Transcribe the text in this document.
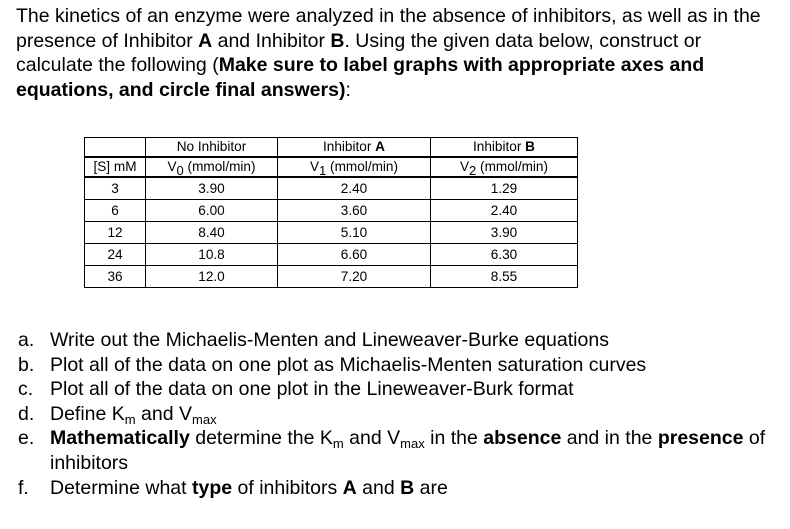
The kinetics of an enzyme were analyzed in the absence of inhibitors, as well as in the presence of Inhibitor A and Inhibitor B. Using the given data below, construct or calculate the following (Make sure to label graphs with appropriate axes and equations, and circle final answers):

	No Inhibitor	Inhibitor A	Inhibitor B
[S] mM	$V_0$ (mmol/min)	$V_1$ (mmol/min)	$V_2$ (mmol/min)
3	3.90	2.40	1.29
6	6.00	3.60	2.40
12	8.40	5.10	3.90
24	10.8	6.60	6.30
36	12.0	7.20	8.55
a. Write out the Michaelis-Menten and Lineweaver-Burke equations
b. Plot all of the data on one plot as Michaelis-Menten saturation curves
c. Plot all of the data on one plot in the Lineweaver-Burk format
d. Define $K_m$ and $V_{max}$
e. Mathematically determine the $K_m$ and $V_{max}$ in the absence and in the presence of inhibitors
f.	Determine what type of inhibitors A and B are
